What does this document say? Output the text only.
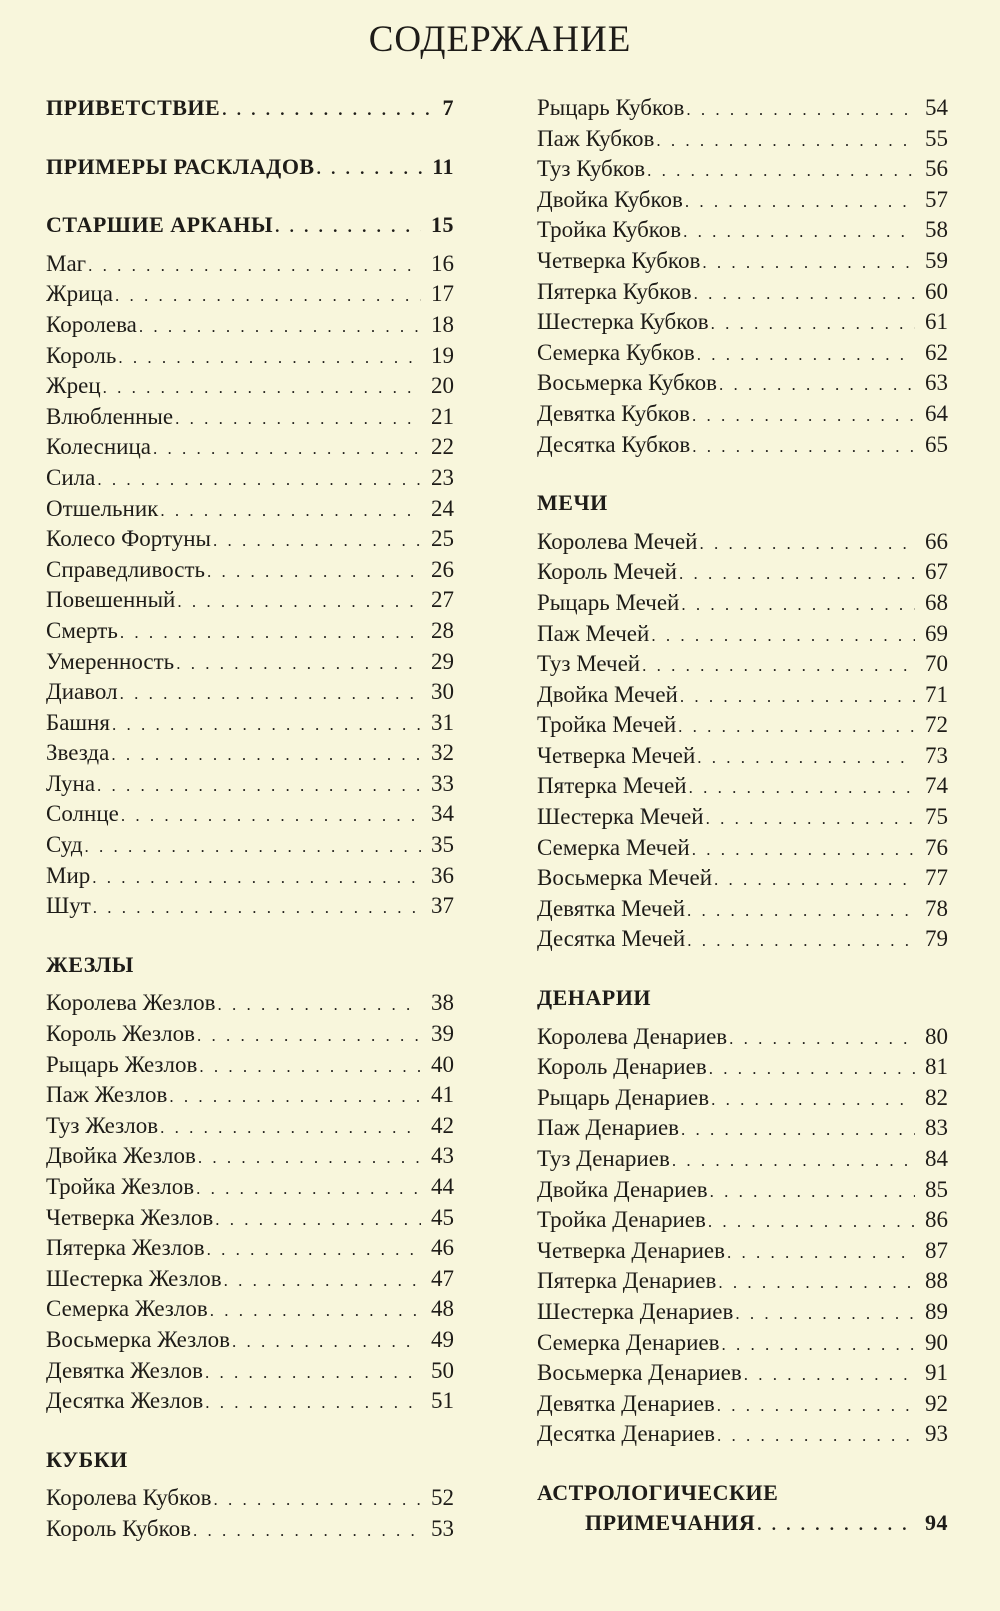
СОДЕРЖАНИЕ
ПРИВЕТСТВИЕ . . .	7
ПРИМЕРЫ РАСКЛАДОВ . . .	11
СТАРШИЕ АРКАНЫ . . .	15
Маг . . .	16
Жрица . . .	17
Королева . . .	18
Король . . .	19
Жрец . . .	20
Влюбленные . . .	21
Колесница . . .	22
Сила . . .	23
Отшельник . . .	24
Колесо Фортуны . . .	25
Справедливость . . .	26
Повешенный . . .	27
Смерть . . .	28
Умеренность . . .	29
Диавол . . .	30
Башня . . .	31
Звезда . . .	32
Луна . . .	33
Солнце . . .	34
Суд . . .	35
Мир . . .	36
Шут . . .	37
ЖЕЗЛЫ
Королева Жезлов . . .	38
Король Жезлов . . .	39
Рыцарь Жезлов . . .	40
Паж Жезлов . . .	41
Туз Жезлов . . .	42
Двойка Жезлов . . .	43
Тройка Жезлов . . .	44
Четверка Жезлов . . .	45
Пятерка Жезлов . . .	46
Шестерка Жезлов . . .	47
Семерка Жезлов . . .	48
Восьмерка Жезлов . . .	49
Девятка Жезлов . . .	50
Десятка Жезлов . . .	51
КУБКИ
Королева Кубков . . .	52
Король Кубков . . .	53
Рыцарь Кубков . . .	54
Паж Кубков . . .	55
Туз Кубков . . .	56
Двойка Кубков . . .	57
Тройка Кубков . . .	58
Четверка Кубков . . .	59
Пятерка Кубков . . .	60
Шестерка Кубков . . .	61
Семерка Кубков . . .	62
Восьмерка Кубков . . .	63
Девятка Кубков . . .	64
Десятка Кубков . . .	65
МЕЧИ
Королева Мечей . . .	66
Король Мечей . . .	67
Рыцарь Мечей . . .	68
Паж Мечей . . .	69
Туз Мечей . . .	70
Двойка Мечей . . .	71
Тройка Мечей . . .	72
Четверка Мечей . . .	73
Пятерка Мечей . . .	74
Шестерка Мечей . . .	75
Семерка Мечей . . .	76
Восьмерка Мечей . . .	77
Девятка Мечей . . .	78
Десятка Мечей . . .	79
ДЕНАРИИ
Королева Денариев . . .	80
Король Денариев . . .	81
Рыцарь Денариев . . .	82
Паж Денариев . . .	83
Туз Денариев . . .	84
Двойка Денариев . . .	85
Тройка Денариев . . .	86
Четверка Денариев . . .	87
Пятерка Денариев . . .	88
Шестерка Денариев . . .	89
Семерка Денариев . . .	90
Восьмерка Денариев . . .	91
Девятка Денариев . . .	92
Десятка Денариев . . .	93
АСТРОЛОГИЧЕСКИЕ
ПРИМЕЧАНИЯ . . .	94
